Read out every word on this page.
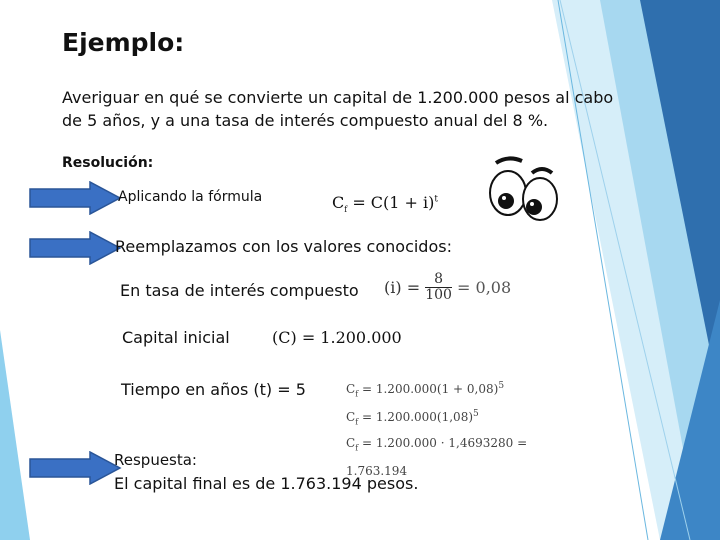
Ejemplo:
Averiguar en qué se convierte un capital de 1.200.000 pesos al cabo de 5 años, y a una tasa de interés compuesto anual del 8 %.
Resolución:
Aplicando la fórmula	$C_f = C(1 + i)^t$
Reemplazamos con los valores conocidos:
En tasa de interés compuesto $(i) = \frac{8}{100} = 0,08$
Capital inicial	(C) = 1.200.000
Tiempo en años (t) = 5	$C_f = 1.200.000(1 + 0,08)^5$
$C_f = 1.200.000(1,08)^5$
$C_f = 1.200.000 \cdot 1,4693280 = 1.763.194$
Respuesta:
El capital final es de 1.763.194 pesos.
